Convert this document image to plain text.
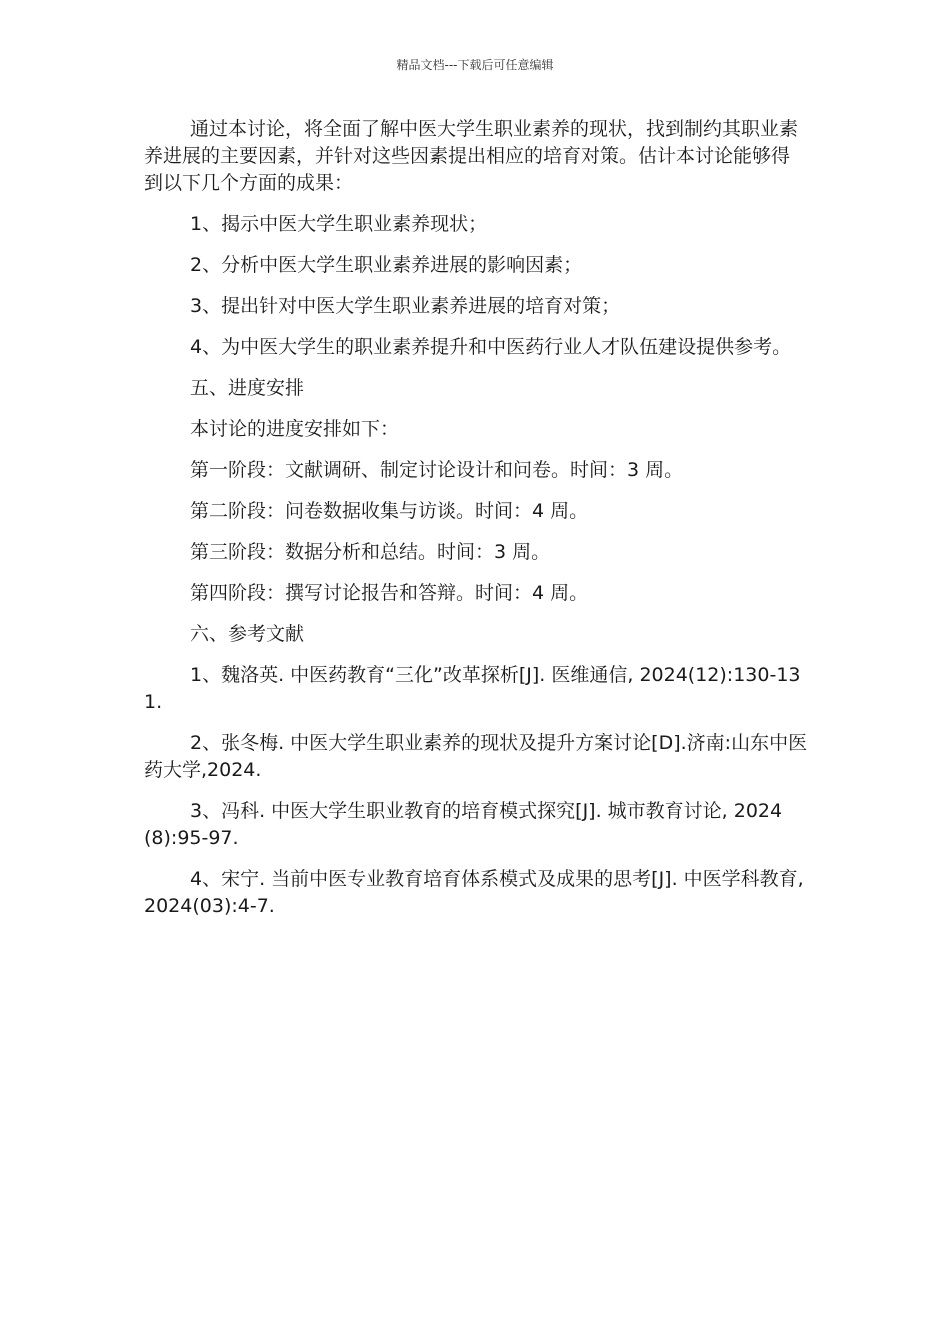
精品文档---下载后可任意编辑

通过本讨论，将全面了解中医大学生职业素养的现状，找到制约其职业素养进展的主要因素，并针对这些因素提出相应的培育对策。估计本讨论能够得到以下几个方面的成果：

1、揭示中医大学生职业素养现状；

2、分析中医大学生职业素养进展的影响因素；

3、提出针对中医大学生职业素养进展的培育对策；

4、为中医大学生的职业素养提升和中医药行业人才队伍建设提供参考。

五、进度安排

本讨论的进度安排如下：

第一阶段：文献调研、制定讨论设计和问卷。时间：3 周。

第二阶段：问卷数据收集与访谈。时间：4 周。

第三阶段：数据分析和总结。时间：3 周。

第四阶段：撰写讨论报告和答辩。时间：4 周。

六、参考文献

1、魏洛英. 中医药教育“三化”改革探析[J]. 医维通信, 2024(12):130-131.

2、张冬梅. 中医大学生职业素养的现状及提升方案讨论[D].济南:山东中医药大学,2024.

3、冯科. 中医大学生职业教育的培育模式探究[J]. 城市教育讨论, 2024(8):95-97.

4、宋宁. 当前中医专业教育培育体系模式及成果的思考[J]. 中医学科教育, 2024(03):4-7.
